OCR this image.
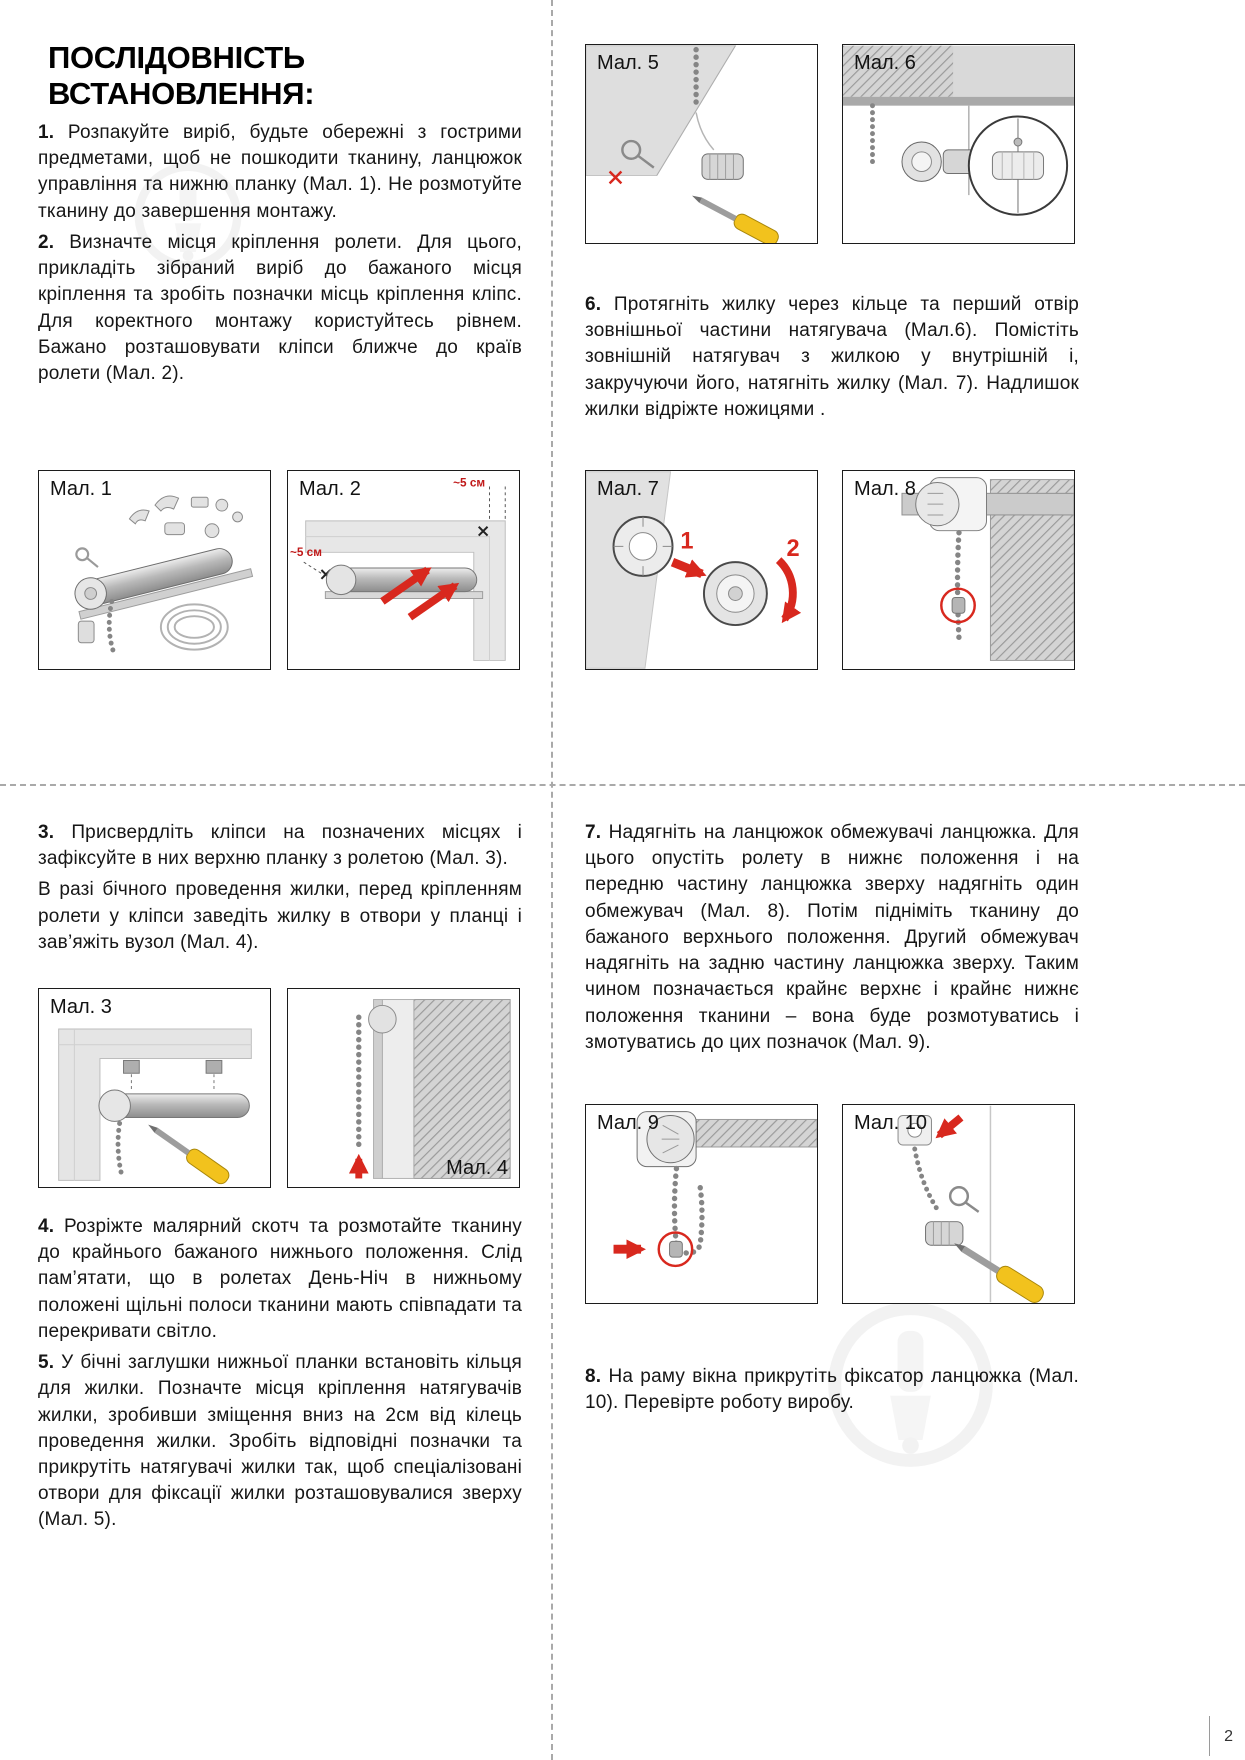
ПОСЛІДОВНІСТЬ ВСТАНОВЛЕННЯ:

1. Розпакуйте виріб, будьте обережні з гострими предметами, щоб не пошкодити тканину, ланцюжок управління та нижню планку (Мал. 1). Не розмотуйте тканину до завершення монтажу.

2. Визначте місця кріплення ролети. Для цього, прикладіть зібраний виріб до бажаного місця кріплення та зробіть позначки місць кріплення кліпс. Для коректного монтажу користуйтесь рівнем. Бажано розташовувати кліпси ближче до країв ролети (Мал. 2).

6. Протягніть жилку через кільце та перший отвір зовнішньої частини натягувача (Мал.6). Помістіть зовнішній натягувач з жилкою у внутрішній і, закручуючи його, натягніть жилку (Мал. 7). Надлишок жилки відріжте ножицями .

3. Присвердліть кліпси на позначених місцях і зафіксуйте в них верхню планку з ролетою (Мал. 3).

В разі бічного проведення жилки, перед кріпленням ролети у кліпси заведіть жилку в отвори у планці і зав’яжіть вузол (Мал. 4).

4. Розріжте малярний скотч та розмотайте тканину до крайнього бажаного нижнього положення. Слід пам’ятати, що в ролетах День-Ніч в нижньому положені щільні полоси тканини мають співпадати та перекривати світло.

5. У бічні заглушки нижньої планки встановіть кільця для жилки. Позначте місця кріплення натягувачів жилки, зробивши зміщення вниз на 2см від кілець проведення жилки. Зробіть відповідні позначки та прикрутіть натягувачі жилки так, щоб спеціалізовані отвори для фіксації жилки розташовувалися зверху (Мал. 5).

7. Надягніть на ланцюжок обмежувачі ланцюжка. Для цього опустіть ролету в нижнє положення і на передню частину ланцюжка зверху надягніть один обмежувач (Мал. 8). Потім підніміть тканину до бажаного верхнього положення. Другий обмежувач надягніть на задню частину ланцюжка зверху. Таким чином позначається крайнє верхнє і крайнє нижнє положення тканини – вона буде розмотуватись і змотуватись до цих позначок (Мал. 9).

8. На раму вікна прикрутіть фіксатор ланцюжка (Мал. 10). Перевірте роботу виробу.

Мал. 1	~5 см
~5 см
Мал. 2
Мал. 3
Мал. 4
Мал. 5	Мал. 6
1	2
Мал. 7	Мал. 8
Мал. 9	Мал. 10
2
